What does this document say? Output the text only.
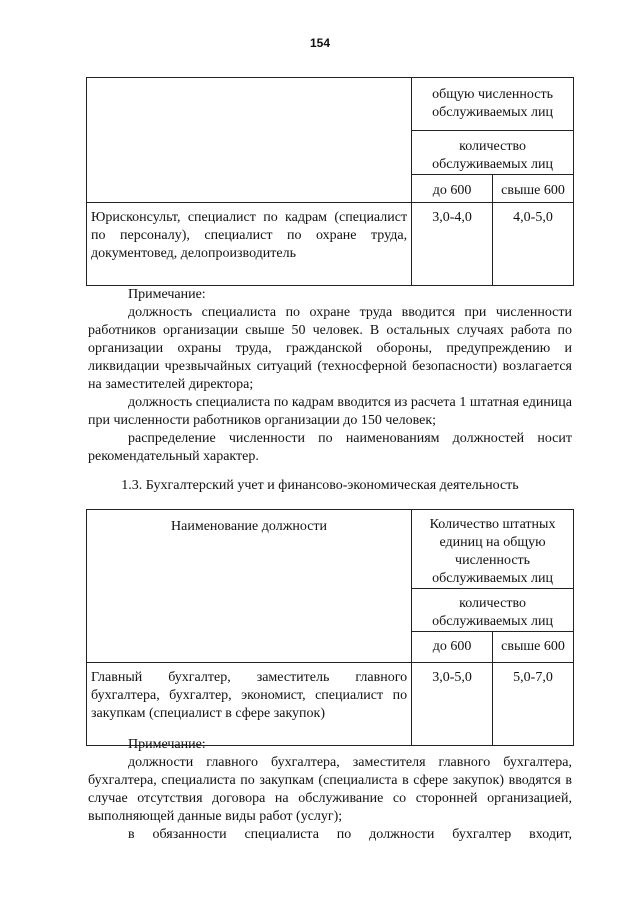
154
	общую численность обслуживаемых лиц	
	количество обслуживаемых лиц	
	до 600	свыше 600
Юрисконсульт, специалист по кадрам (специалист по персоналу), специалист по охране труда, документовед, делопроизводитель	3,0-4,0	4,0-5,0

Примечание:

должность специалиста по охране труда вводится при численности работников организации свыше 50 человек. В остальных случаях работа по организации охраны труда, гражданской обороны, предупреждению и ликвидации чрезвычайных ситуаций (техносферной безопасности) возлагается на заместителей директора;

должность специалиста по кадрам вводится из расчета 1 штатная единица при численности работников организации до 150 человек;

распределение численности по наименованиям должностей носит рекомендательный характер.

1.3. Бухгалтерский учет и финансово-экономическая деятельность
Наименование должности	Количество штатных единиц на общую численность обслуживаемых лиц	
	количество обслуживаемых лиц	
	до 600	свыше 600
Главный бухгалтер, заместитель главного бухгалтера, бухгалтер, экономист, специалист по закупкам (специалист в сфере закупок)	3,0-5,0	5,0-7,0

Примечание:

должности главного бухгалтера, заместителя главного бухгалтера, бухгалтера, специалиста по закупкам (специалиста в сфере закупок) вводятся в случае отсутствия договора на обслуживание со сторонней организацией, выполняющей данные виды работ (услуг);

в обязанности специалиста по должности бухгалтер входит,
